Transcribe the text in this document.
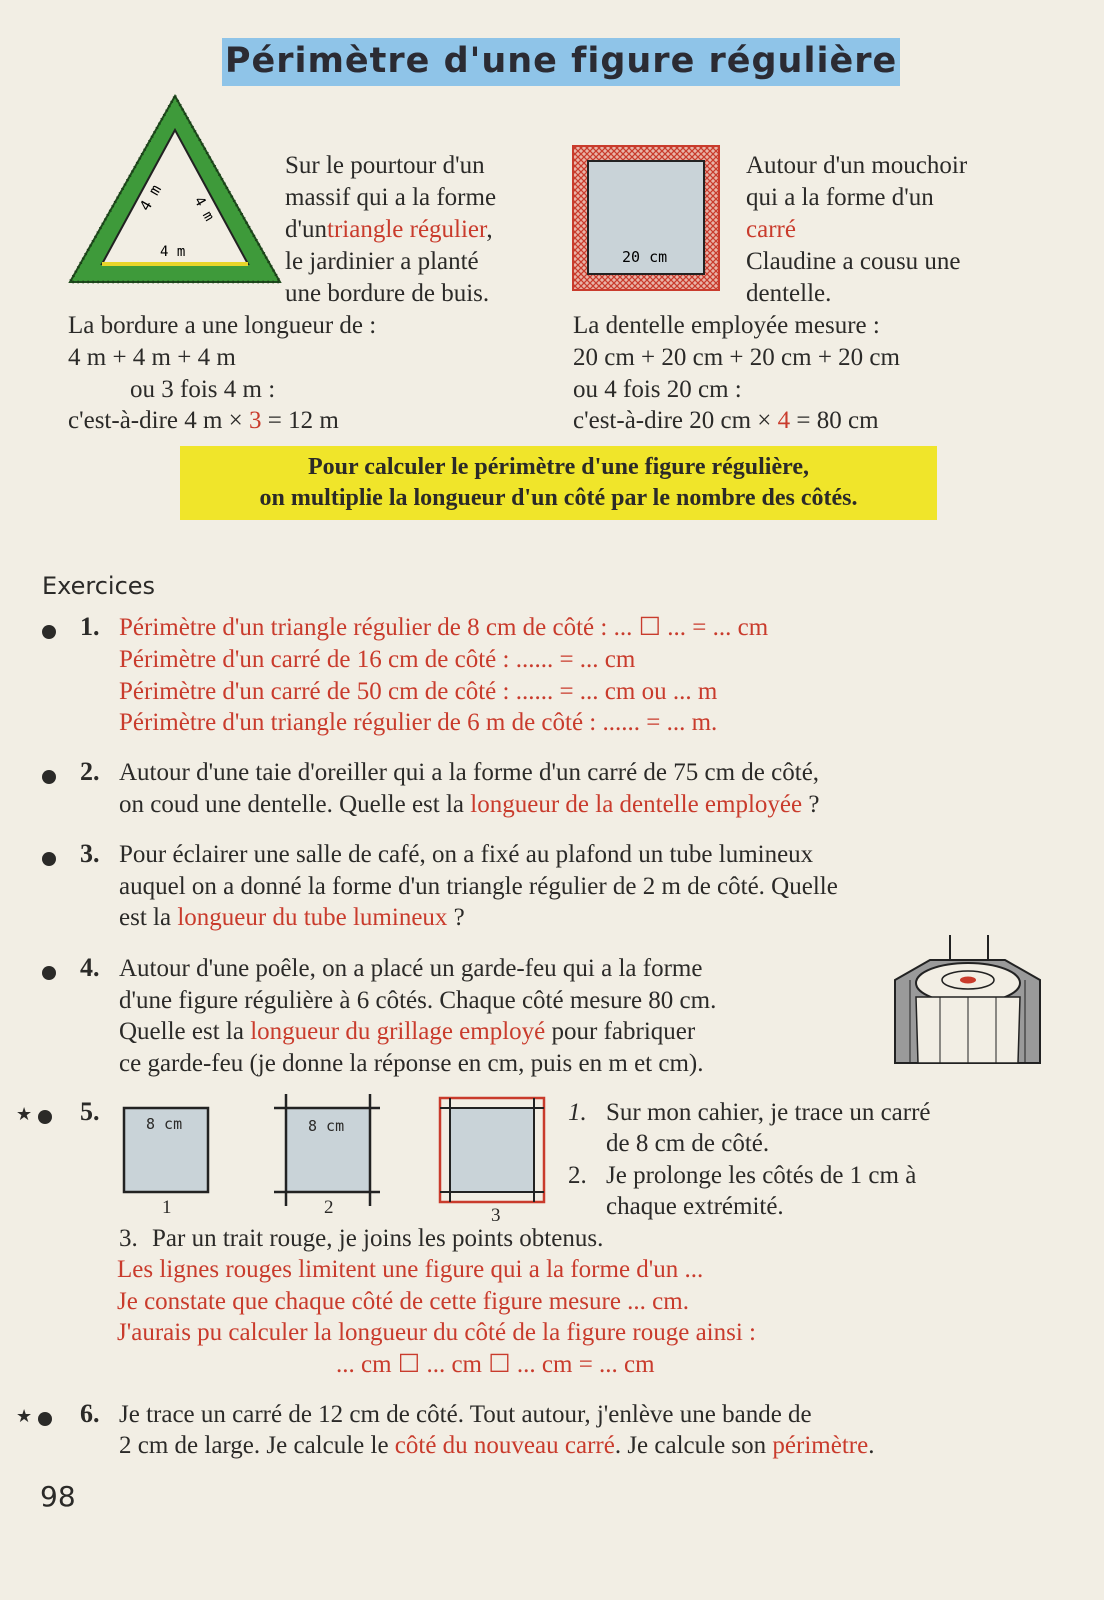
Périmètre d'une figure régulière
4 m 4 m
4 m
Sur le pourtour d'un
massif qui a la forme
d'untriangle régulier,
le jardinier a planté
une bordure de buis.
La bordure a une longueur de :
4 m + 4 m + 4 m
ou 3 fois 4 m :
c'est-à-dire 4 m × 3 = 12 m
20 cm
Autour d'un mouchoir
qui a la forme d'un
carré
Claudine a cousu une
dentelle.
La dentelle employée mesure :
20 cm + 20 cm + 20 cm + 20 cm
ou 4 fois 20 cm :
c'est-à-dire 20 cm × 4 = 80 cm
Pour calculer le périmètre d'une figure régulière,
on multiplie la longueur d'un côté par le nombre des côtés.
Exercices
1. Périmètre d'un triangle régulier de 8 cm de côté : ... ☐ ... = ... cm
Périmètre d'un carré de 16 cm de côté : ...... = ... cm
Périmètre d'un carré de 50 cm de côté : ...... = ... cm ou ... m
Périmètre d'un triangle régulier de 6 m de côté : ...... = ... m.
2. Autour d'une taie d'oreiller qui a la forme d'un carré de 75 cm de côté,
on coud une dentelle. Quelle est la longueur de la dentelle employée ?
3. Pour éclairer une salle de café, on a fixé au plafond un tube lumineux
auquel on a donné la forme d'un triangle régulier de 2 m de côté. Quelle
est la longueur du tube lumineux ?
4. Autour d'une poêle, on a placé un garde-feu qui a la forme
d'une figure régulière à 6 côtés. Chaque côté mesure 80 cm.
Quelle est la longueur du grillage employé pour fabriquer
ce garde-feu (je donne la réponse en cm, puis en m et cm).
★ 5.	8 cm	8 cm
1	2	3
1. Sur mon cahier, je trace un carré
de 8 cm de côté.
2. Je prolonge les côtés de 1 cm à
chaque extrémité.
3. Par un trait rouge, je joins les points obtenus.
Les lignes rouges limitent une figure qui a la forme d'un ...
Je constate que chaque côté de cette figure mesure ... cm.
J'aurais pu calculer la longueur du côté de la figure rouge ainsi :
... cm ☐ ... cm ☐ ... cm = ... cm
★ 6. Je trace un carré de 12 cm de côté. Tout autour, j'enlève une bande de
2 cm de large. Je calcule le côté du nouveau carré. Je calcule son périmètre.
98
